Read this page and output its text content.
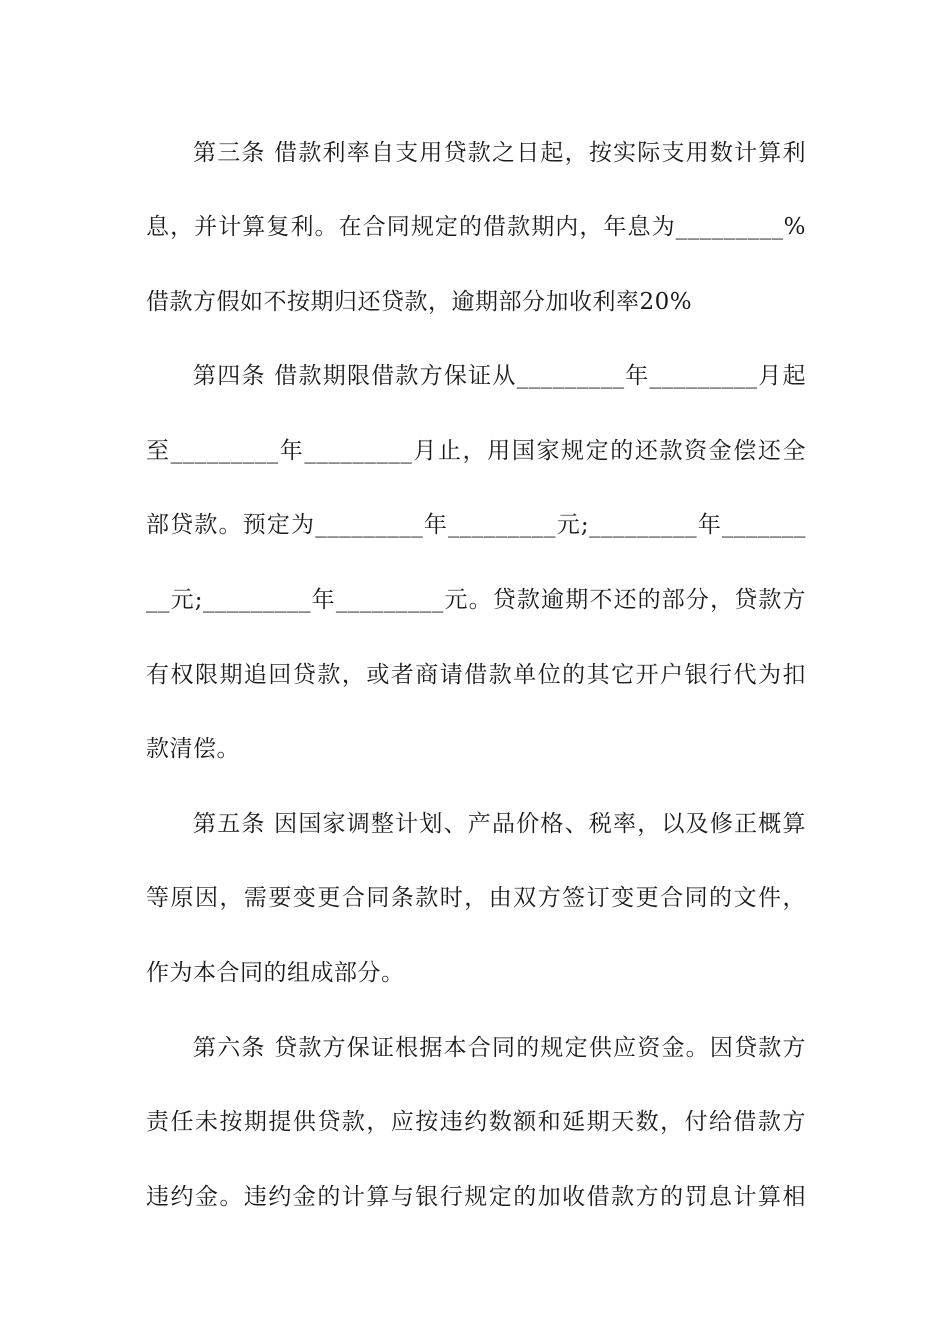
第三条 借款利率自支用贷款之日起，按实际支用数计算利
息，并计算复利。在合同规定的借款期内，年息为_________%
借款方假如不按期归还贷款，逾期部分加收利率20%
第四条 借款期限借款方保证从_________年_________月起
至_________年_________月止，用国家规定的还款资金偿还全
部贷款。预定为_________年_________元;_________年_______
__元;_________年_________元。贷款逾期不还的部分，贷款方
有权限期追回贷款，或者商请借款单位的其它开户银行代为扣
款清偿。
第五条 因国家调整计划、产品价格、税率，以及修正概算
等原因，需要变更合同条款时，由双方签订变更合同的文件，
作为本合同的组成部分。
第六条 贷款方保证根据本合同的规定供应资金。因贷款方
责任未按期提供贷款，应按违约数额和延期天数，付给借款方
违约金。违约金的计算与银行规定的加收借款方的罚息计算相
